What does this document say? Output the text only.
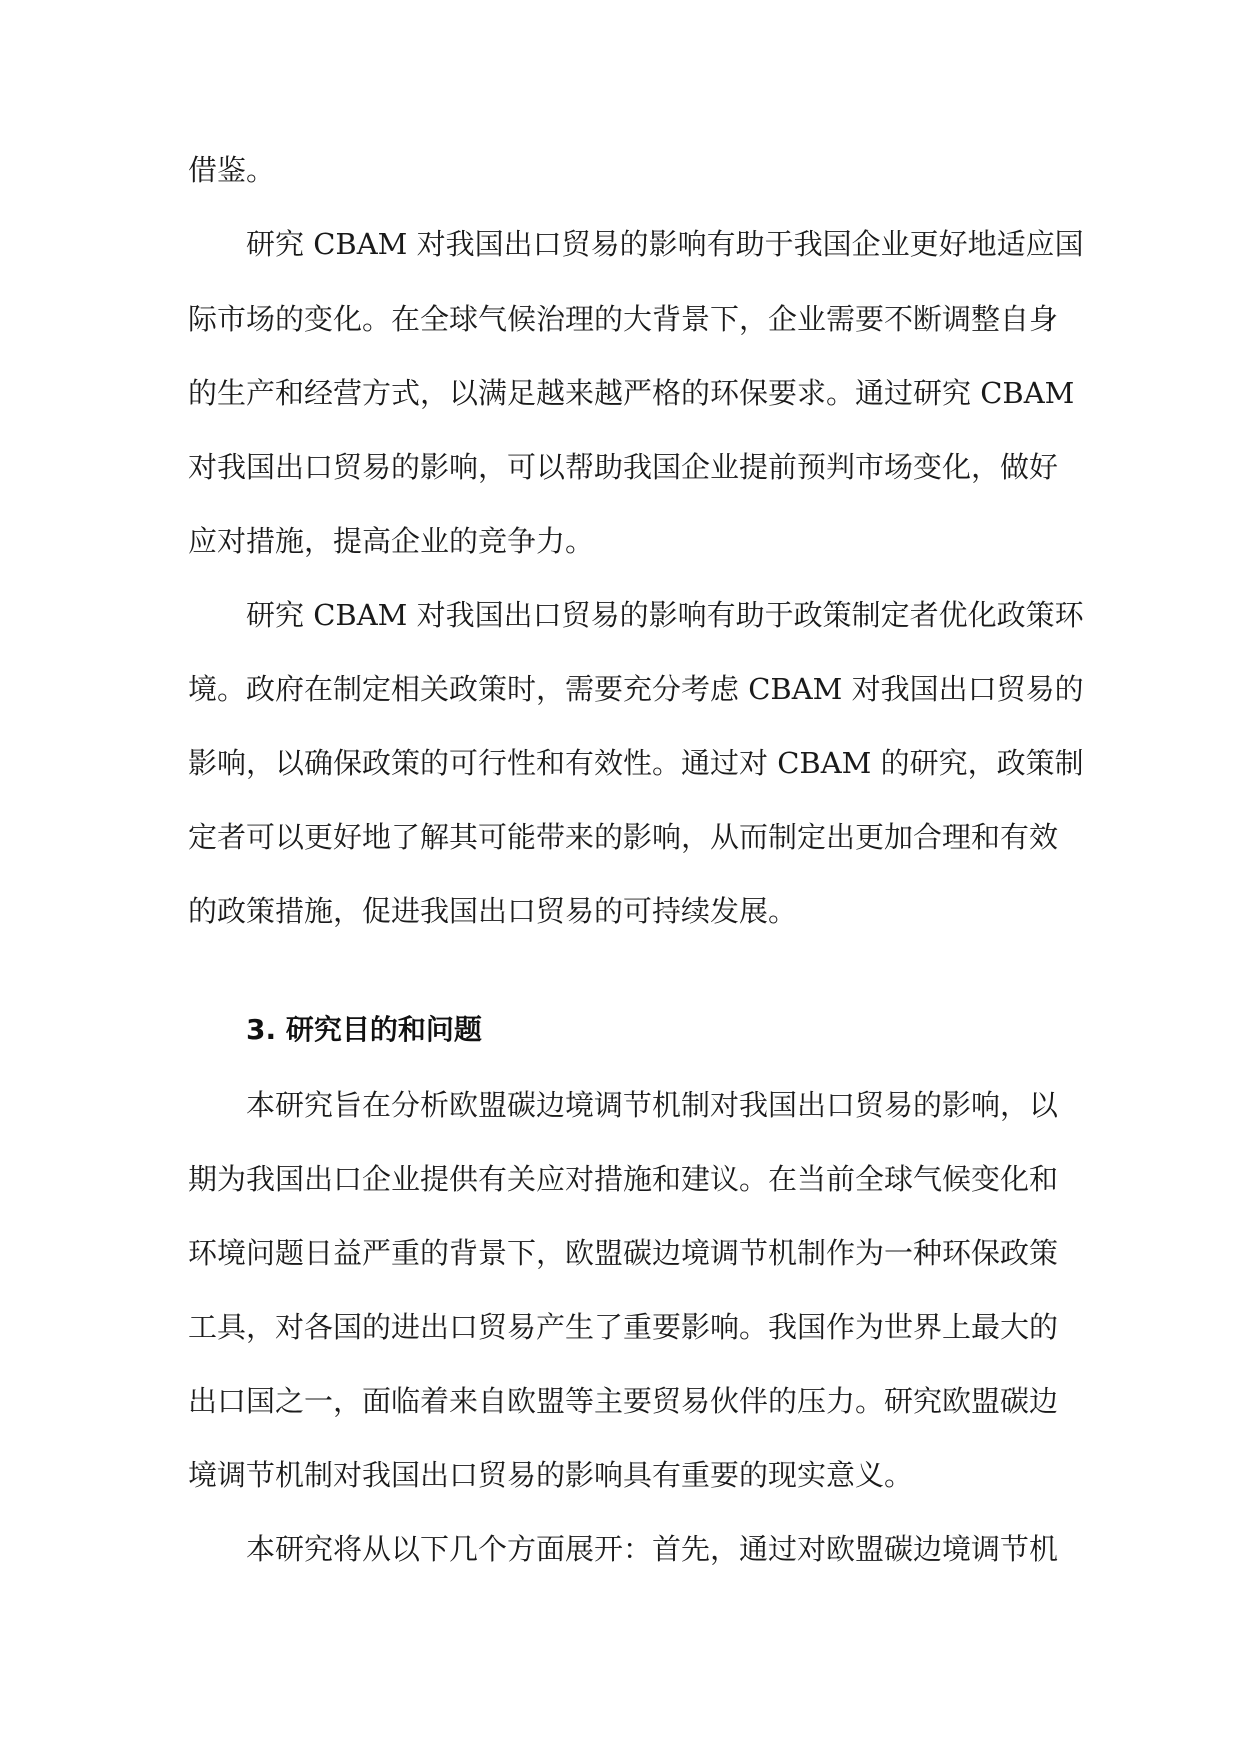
借鉴。

研究 CBAM 对我国出口贸易的影响有助于我国企业更好地适应国

际市场的变化。在全球气候治理的大背景下，企业需要不断调整自身

的生产和经营方式，以满足越来越严格的环保要求。通过研究 CBAM

对我国出口贸易的影响，可以帮助我国企业提前预判市场变化，做好

应对措施，提高企业的竞争力。

研究 CBAM 对我国出口贸易的影响有助于政策制定者优化政策环

境。政府在制定相关政策时，需要充分考虑 CBAM 对我国出口贸易的

影响，以确保政策的可行性和有效性。通过对 CBAM 的研究，政策制

定者可以更好地了解其可能带来的影响，从而制定出更加合理和有效

的政策措施，促进我国出口贸易的可持续发展。

3. 研究目的和问题

本研究旨在分析欧盟碳边境调节机制对我国出口贸易的影响，以

期为我国出口企业提供有关应对措施和建议。在当前全球气候变化和

环境问题日益严重的背景下，欧盟碳边境调节机制作为一种环保政策

工具，对各国的进出口贸易产生了重要影响。我国作为世界上最大的

出口国之一，面临着来自欧盟等主要贸易伙伴的压力。研究欧盟碳边

境调节机制对我国出口贸易的影响具有重要的现实意义。

本研究将从以下几个方面展开：首先，通过对欧盟碳边境调节机
